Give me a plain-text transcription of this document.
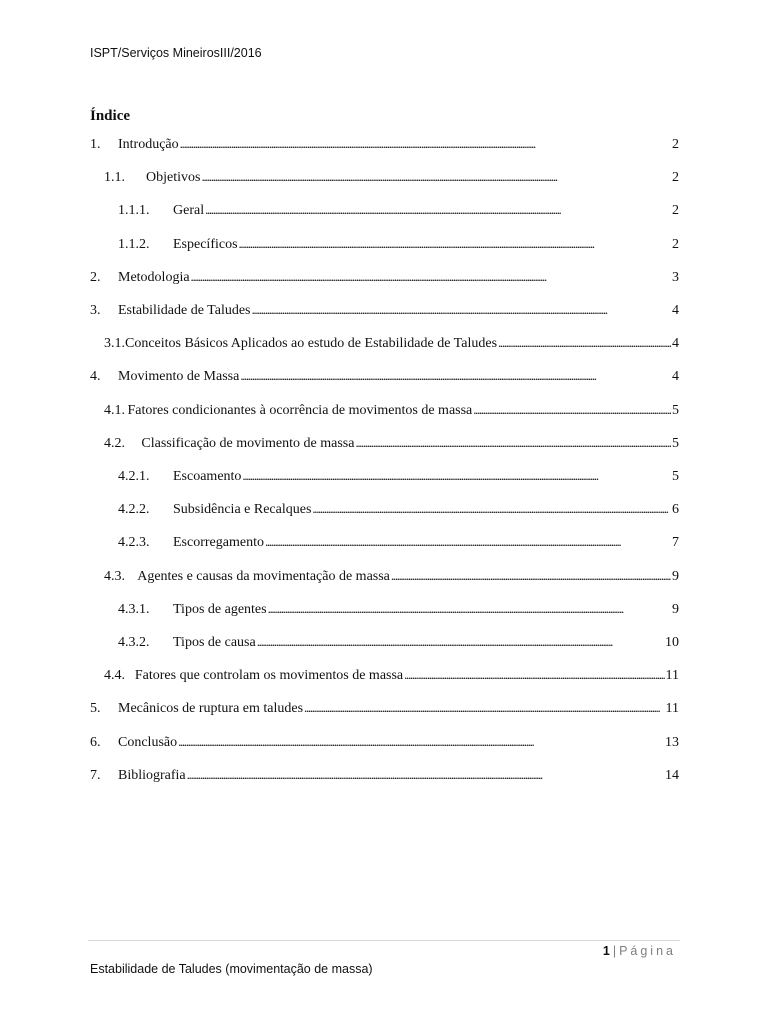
ISPT/Serviços MineirosIII/2016
Índice
1.	Introdução . . .	2
1.1.	Objetivos . . .	2
1.1.1.	Geral . . .	2
1.1.2.	Específicos . . .	2
2.	Metodologia . . .	3
3.	Estabilidade de Taludes . . .	4
3.1. Conceitos Básicos Aplicados ao estudo de Estabilidade de Taludes . . .	4
4.	Movimento de Massa . . .	4
4.1. Fatores condicionantes à ocorrência de movimentos de massa . . .	5
4.2.	Classificação de movimento de massa . . .	5
4.2.1.	Escoamento . . .	5
4.2.2.	Subsidência e Recalques . . .	6
4.2.3.	Escorregamento . . .	7
4.3. Agentes e causas da movimentação de massa . . .	9
4.3.1.	Tipos de agentes . . .	9
4.3.2.	Tipos de causa . . .	10
4.4. Fatores que controlam os movimentos de massa . . .	11
5.	Mecânicos de ruptura em taludes . . .	11
6.	Conclusão . . .	13
7.	Bibliografia . . .	14
1 | Página
Estabilidade de Taludes (movimentação de massa)
